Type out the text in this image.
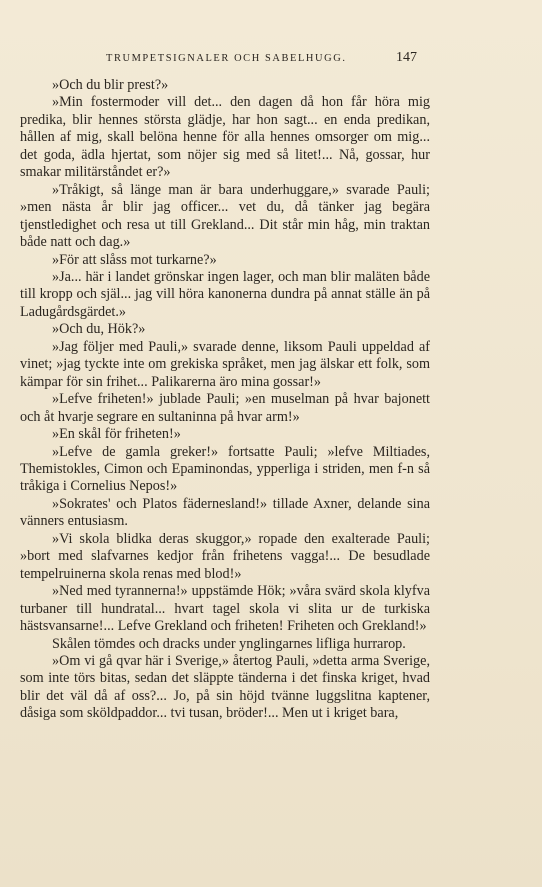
TRUMPETSIGNALER OCH SABELHUGG.	147

»Och du blir prest?»

»Min fostermoder vill det... den dagen då hon får höra mig predika, blir hennes största glädje, har hon sagt... en enda predikan, hållen af mig, skall belöna henne för alla hennes omsorger om mig... det goda, ädla hjertat, som nöjer sig med så litet!... Nå, gossar, hur smakar militärståndet er?»

»Tråkigt, så länge man är bara underhuggare,» svarade Pauli; »men nästa år blir jag officer... vet du, då tänker jag begära tjenstledighet och resa ut till Grekland... Dit står min håg, min traktan både natt och dag.»

»För att slåss mot turkarne?»

»Ja... här i landet grönskar ingen lager, och man blir maläten både till kropp och själ... jag vill höra kanonerna dundra på annat ställe än på Ladugårdsgärdet.»

»Och du, Hök?»

»Jag följer med Pauli,» svarade denne, liksom Pauli uppeldad af vinet; »jag tyckte inte om grekiska språket, men jag älskar ett folk, som kämpar för sin frihet... Palikarerna äro mina gossar!»

»Lefve friheten!» jublade Pauli; »en muselman på hvar bajonett och åt hvarje segrare en sultaninna på hvar arm!»

»En skål för friheten!»

»Lefve de gamla greker!» fortsatte Pauli; »lefve Miltiades, Themistokles, Cimon och Epaminondas, ypperliga i striden, men f-n så tråkiga i Cornelius Nepos!»

»Sokrates' och Platos fädernesland!» tillade Axner, delande sina vänners entusiasm.

»Vi skola blidka deras skuggor,» ropade den exalterade Pauli; »bort med slafvarnes kedjor från frihetens vagga!... De besudlade tempelruinerna skola renas med blod!»

»Ned med tyrannerna!» uppstämde Hök; »våra svärd skola klyfva turbaner till hundratal... hvart tagel skola vi slita ur de turkiska hästsvansarne!... Lefve Grekland och friheten! Friheten och Grekland!»

Skålen tömdes och dracks under ynglingarnes lifliga hurrarop.

»Om vi gå qvar här i Sverige,» återtog Pauli, »detta arma Sverige, som inte törs bitas, sedan det släppte tänderna i det finska kriget, hvad blir det väl då af oss?... Jo, på sin höjd tvänne luggslitna kaptener, dåsiga som sköldpaddor... tvi tusan, bröder!... Men ut i kriget bara,
